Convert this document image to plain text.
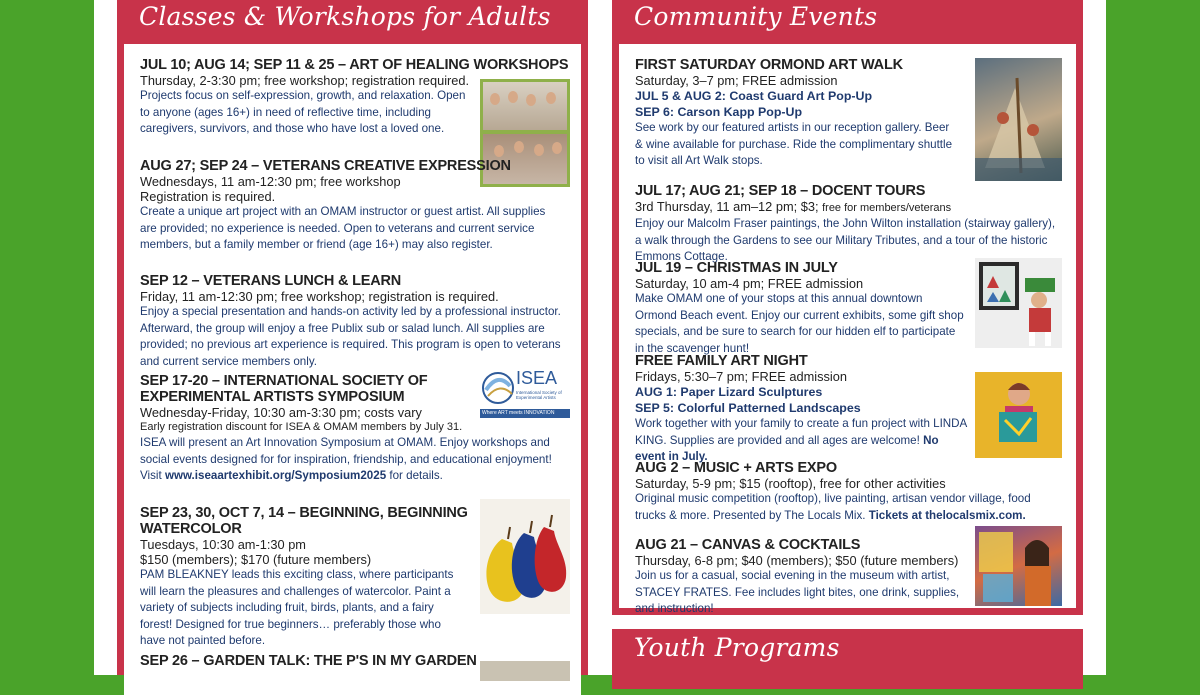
Classes & Workshops for Adults
JUL 10; AUG 14; SEP 11 & 25 – ART OF HEALING WORKSHOPS
Thursday, 2-3:30 pm; free workshop; registration required.
Projects focus on self-expression, growth, and relaxation. Open to anyone (ages 16+) in need of reflective time, including caregivers, survivors, and those who have lost a loved one.
AUG 27; SEP 24 – VETERANS CREATIVE EXPRESSION
Wednesdays, 11 am-12:30 pm; free workshop
Registration is required.
Create a unique art project with an OMAM instructor or guest artist. All supplies are provided; no experience is needed. Open to veterans and current service members, but a family member or friend (age 16+) may also register.
SEP 12 – VETERANS LUNCH & LEARN
Friday, 11 am-12:30 pm; free workshop; registration is required.
Enjoy a special presentation and hands-on activity led by a professional instructor. Afterward, the group will enjoy a free Publix sub or salad lunch. All supplies are provided; no previous art experience is required. This program is open to veterans and current service members only.
SEP 17-20 – INTERNATIONAL SOCIETY OF EXPERIMENTAL ARTISTS SYMPOSIUM
Wednesday-Friday, 10:30 am-3:30 pm; costs vary
Early registration discount for ISEA & OMAM members by July 31.
ISEA will present an Art Innovation Symposium at OMAM. Enjoy workshops and social events designed for for inspiration, friendship, and educational enjoyment!
Visit www.iseaartexhibit.org/Symposium2025 for details.
ISEA
International Society of Experimental Artists
Where ART meets INNOVATION
SEP 23, 30, OCT 7, 14 – BEGINNING, BEGINNING WATERCOLOR
Tuesdays, 10:30 am-1:30 pm
$150 (members); $170 (future members)
PAM BLEAKNEY leads this exciting class, where participants will learn the pleasures and challenges of watercolor. Paint a variety of subjects including fruit, birds, plants, and a fairy forest! Designed for true beginners… preferably those who have not painted before.
SEP 26 – GARDEN TALK: THE P'S IN MY GARDEN
Community Events
FIRST SATURDAY ORMOND ART WALK
Saturday, 3–7 pm; FREE admission
JUL 5 & AUG 2: Coast Guard Art Pop-Up
SEP 6: Carson Kapp Pop-Up
See work by our featured artists in our reception gallery. Beer & wine available for purchase. Ride the complimentary shuttle to visit all Art Walk stops.
JUL 17; AUG 21; SEP 18 – DOCENT TOURS
3rd Thursday, 11 am–12 pm; $3; free for members/veterans
Enjoy our Malcolm Fraser paintings, the John Wilton installation (stairway gallery), a walk through the Gardens to see our Military Tributes, and a tour of the historic Emmons Cottage.
JUL 19 – CHRISTMAS IN JULY
Saturday, 10 am-4 pm; FREE admission
Make OMAM one of your stops at this annual downtown Ormond Beach event. Enjoy our current exhibits, some gift shop specials, and be sure to search for our hidden elf to participate in the scavenger hunt!
FREE FAMILY ART NIGHT
Fridays, 5:30–7 pm; FREE admission
AUG 1: Paper Lizard Sculptures
SEP 5: Colorful Patterned Landscapes
Work together with your family to create a fun project with LINDA KING. Supplies are provided and all ages are welcome! No event in July.
AUG 2 – MUSIC + ARTS EXPO
Saturday, 5-9 pm; $15 (rooftop), free for other activities
Original music competition (rooftop), live painting, artisan vendor village, food trucks & more. Presented by The Locals Mix. Tickets at thelocalsmix.com.
AUG 21 – CANVAS & COCKTAILS
Thursday, 6-8 pm; $40 (members); $50 (future members)
Join us for a casual, social evening in the museum with artist, STACEY FRATES. Fee includes light bites, one drink, supplies, and instruction!
Youth Programs
